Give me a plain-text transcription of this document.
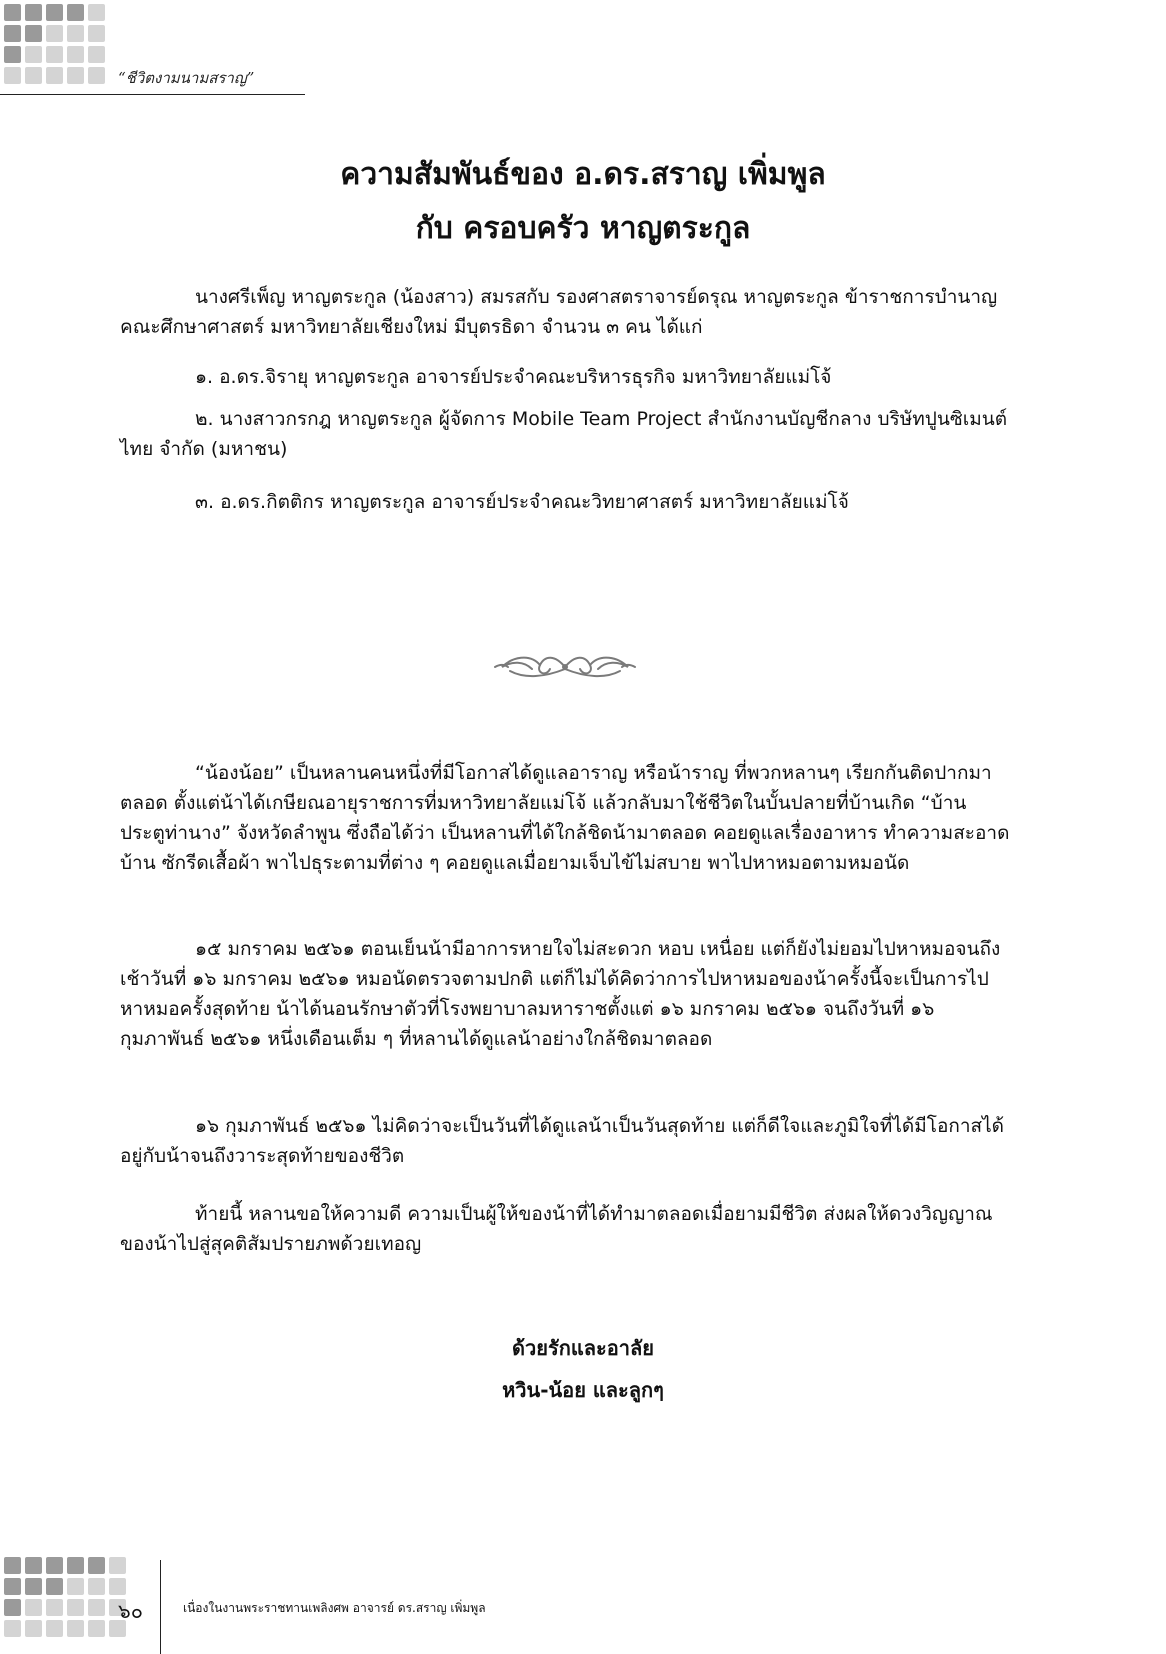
“ชีวิตงามนามสราญ”
ความสัมพันธ์ของ อ.ดร.สราญ เพิ่มพูล
กับ ครอบครัว หาญตระกูล

นางศรีเพ็ญ หาญตระกูล (น้องสาว) สมรสกับ รองศาสตราจารย์ดรุณ หาญตระกูล ข้าราชการบำนาญ คณะศึกษาศาสตร์ มหาวิทยาลัยเชียงใหม่ มีบุตรธิดา จำนวน ๓ คน ได้แก่

๑. อ.ดร.จิรายุ หาญตระกูล อาจารย์ประจำคณะบริหารธุรกิจ มหาวิทยาลัยแม่โจ้

๒. นางสาวกรกฎ หาญตระกูล ผู้จัดการ Mobile Team Project สำนักงานบัญชีกลาง บริษัทปูนซิเมนต์ไทย จำกัด (มหาชน)

๓. อ.ดร.กิตติกร หาญตระกูล อาจารย์ประจำคณะวิทยาศาสตร์ มหาวิทยาลัยแม่โจ้

“น้องน้อย” เป็นหลานคนหนึ่งที่มีโอกาสได้ดูแลอาราญ หรือน้าราญ ที่พวกหลานๆ เรียกกันติดปากมาตลอด ตั้งแต่น้าได้เกษียณอายุราชการที่มหาวิทยาลัยแม่โจ้ แล้วกลับมาใช้ชีวิตในบั้นปลายที่บ้านเกิด “บ้านประตูท่านาง” จังหวัดลำพูน ซึ่งถือได้ว่า เป็นหลานที่ได้ใกล้ชิดน้ามาตลอด คอยดูแลเรื่องอาหาร ทำความสะอาดบ้าน ซักรีดเสื้อผ้า พาไปธุระตามที่ต่าง ๆ คอยดูแลเมื่อยามเจ็บไข้ไม่สบาย พาไปหาหมอตามหมอนัด

๑๕ มกราคม ๒๕๖๑ ตอนเย็นน้ามีอาการหายใจไม่สะดวก หอบ เหนื่อย แต่ก็ยังไม่ยอมไปหาหมอจนถึงเช้าวันที่ ๑๖ มกราคม ๒๕๖๑ หมอนัดตรวจตามปกติ แต่ก็ไม่ได้คิดว่าการไปหาหมอของน้าครั้งนี้จะเป็นการไปหาหมอครั้งสุดท้าย น้าได้นอนรักษาตัวที่โรงพยาบาลมหาราชตั้งแต่ ๑๖ มกราคม ๒๕๖๑ จนถึงวันที่ ๑๖ กุมภาพันธ์ ๒๕๖๑ หนึ่งเดือนเต็ม ๆ ที่หลานได้ดูแลน้าอย่างใกล้ชิดมาตลอด

๑๖ กุมภาพันธ์ ๒๕๖๑ ไม่คิดว่าจะเป็นวันที่ได้ดูแลน้าเป็นวันสุดท้าย แต่ก็ดีใจและภูมิใจที่ได้มีโอกาสได้อยู่กับน้าจนถึงวาระสุดท้ายของชีวิต

ท้ายนี้ หลานขอให้ความดี ความเป็นผู้ให้ของน้าที่ได้ทำมาตลอดเมื่อยามมีชีวิต ส่งผลให้ดวงวิญญาณของน้าไปสู่สุคติสัมปรายภพด้วยเทอญ

ด้วยรักและอาลัย
หวิน-น้อย และลูกๆ
๖๐	เนื่องในงานพระราชทานเพลิงศพ อาจารย์ ดร.สราญ เพิ่มพูล
